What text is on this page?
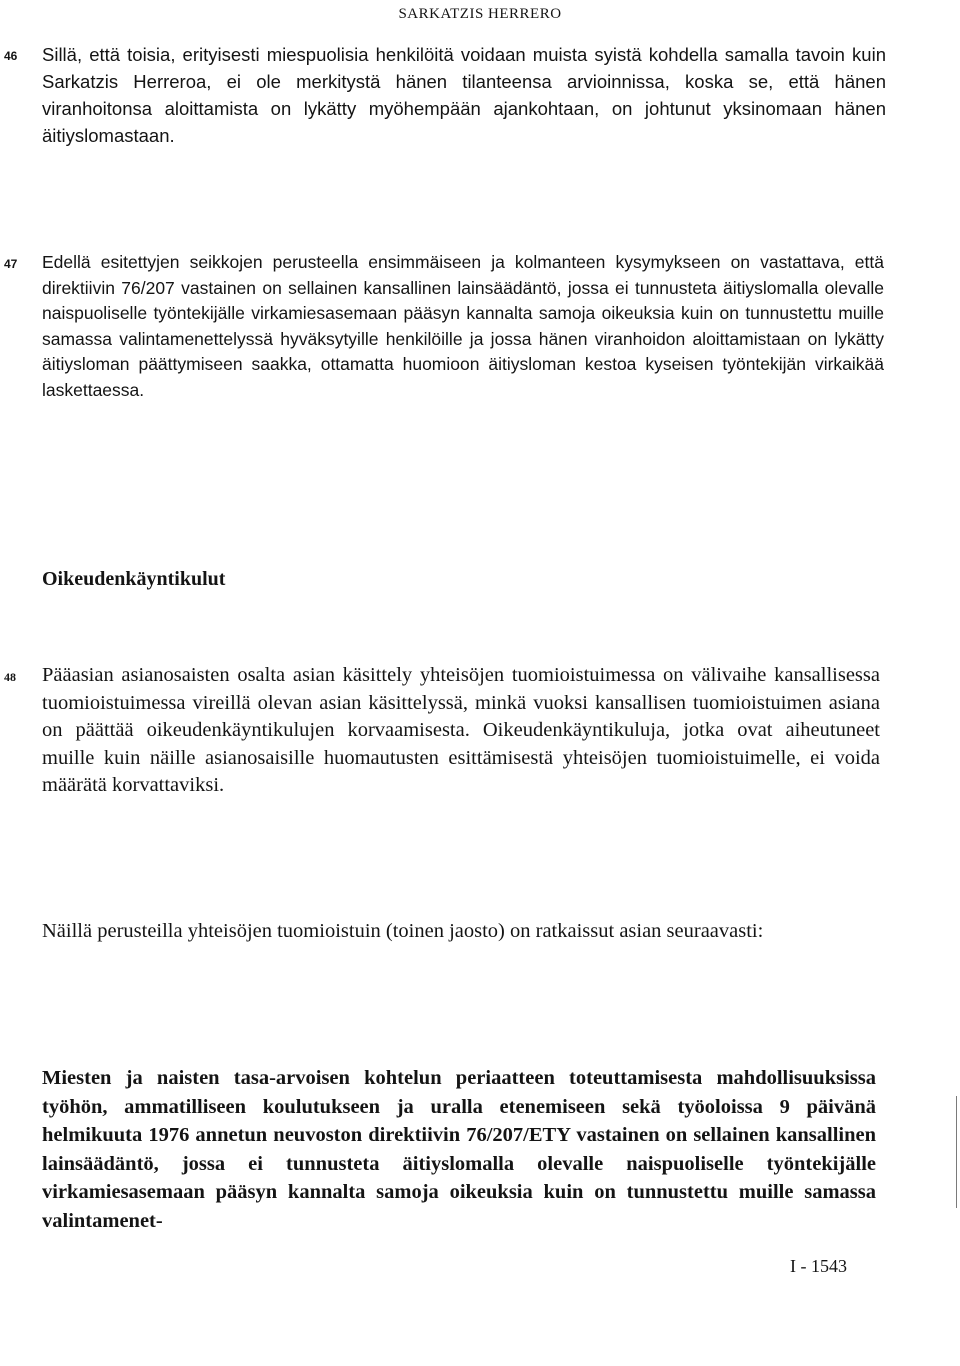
SARKATZIS HERRERO

46 Sillä, että toisia, erityisesti miespuolisia henkilöitä voidaan muista syistä kohdella samalla tavoin kuin Sarkatzis Herreroa, ei ole merkitystä hänen tilanteensa arvioinnissa, koska se, että hänen viranhoitonsa aloittamista on lykätty myöhempään ajankohtaan, on johtunut yksinomaan hänen äitiyslomastaan.

47 Edellä esitettyjen seikkojen perusteella ensimmäiseen ja kolmanteen kysymykseen on vastattava, että direktiivin 76/207 vastainen on sellainen kansallinen lainsäädäntö, jossa ei tunnusteta äitiyslomalla olevalle naispuoliselle työntekijälle virkamiesasemaan pääsyn kannalta samoja oikeuksia kuin on tunnustettu muille samassa valintamenettelyssä hyväksytyille henkilöille ja jossa hänen viranhoidon aloittamistaan on lykätty äitiysloman päättymiseen saakka, ottamatta huomioon äitiysloman kestoa kyseisen työntekijän virkaikää laskettaessa.

Oikeudenkäyntikulut

48 Pääasian asianosaisten osalta asian käsittely yhteisöjen tuomioistuimessa on välivaihe kansallisessa tuomioistuimessa vireillä olevan asian käsittelyssä, minkä vuoksi kansallisen tuomioistuimen asiana on päättää oikeudenkäyntikulujen korvaamisesta. Oikeudenkäyntikuluja, jotka ovat aiheutuneet muille kuin näille asianosaisille huomautusten esittämisestä yhteisöjen tuomioistuimelle, ei voida määrätä korvattaviksi.

Näillä perusteilla yhteisöjen tuomioistuin (toinen jaosto) on ratkaissut asian seuraavasti:

Miesten ja naisten tasa-arvoisen kohtelun periaatteen toteuttamisesta mahdollisuuksissa työhön, ammatilliseen koulutukseen ja uralla etenemiseen sekä työoloissa 9 päivänä helmikuuta 1976 annetun neuvoston direktiivin 76/207/ETY vastainen on sellainen kansallinen lainsäädäntö, jossa ei tunnusteta äitiyslomalla olevalle naispuoliselle työntekijälle virkamiesasemaan pääsyn kannalta samoja oikeuksia kuin on tunnustettu muille samassa valintamenet-

I - 1543
